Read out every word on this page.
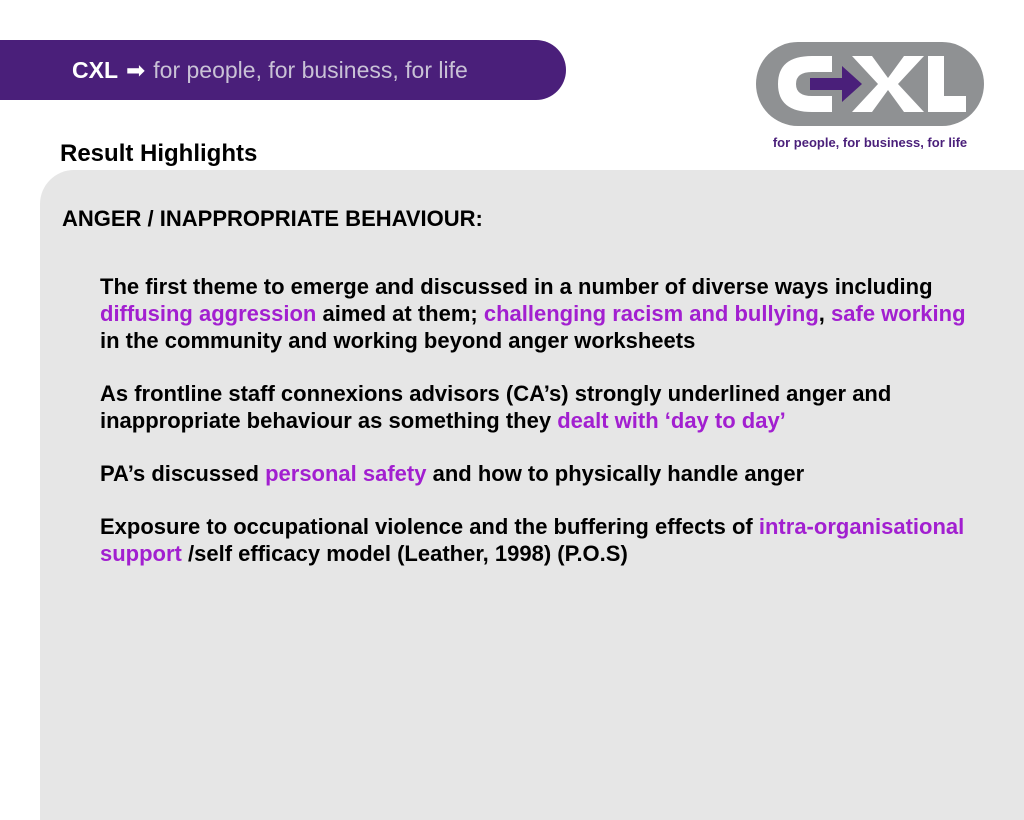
CXL ➡ for people, for business, for life
for people, for business, for life
Result Highlights
ANGER / INAPPROPRIATE BEHAVIOUR:

The first theme to emerge and discussed in a number of diverse ways including diffusing aggression aimed at them; challenging racism and bullying, safe working in the community and working beyond anger worksheets

As frontline staff connexions advisors (CA’s) strongly underlined anger and inappropriate behaviour as something they dealt with ‘day to day’

PA’s discussed personal safety and how to physically handle anger

Exposure to occupational violence and the buffering effects of intra-organisational support /self efficacy model (Leather, 1998) (P.O.S)
